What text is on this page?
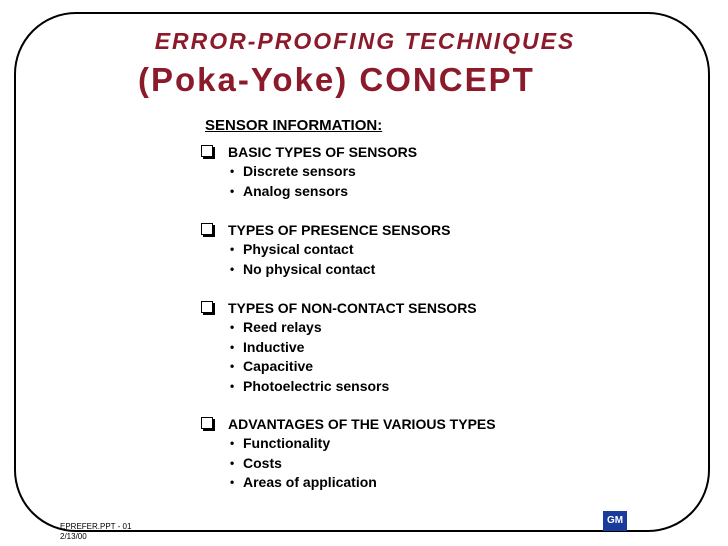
ERROR-PROOFING TECHNIQUES
(Poka-Yoke) CONCEPT
SENSOR INFORMATION:
BASIC TYPES OF SENSORS
• Discrete sensors
• Analog sensors
TYPES OF PRESENCE SENSORS
• Physical contact
• No physical contact
TYPES OF NON-CONTACT SENSORS
• Reed relays
• Inductive
• Capacitive
• Photoelectric sensors
ADVANTAGES OF THE VARIOUS TYPES
• Functionality
• Costs
• Areas of application
EPREFER.PPT - 01
2/13/00
GM
